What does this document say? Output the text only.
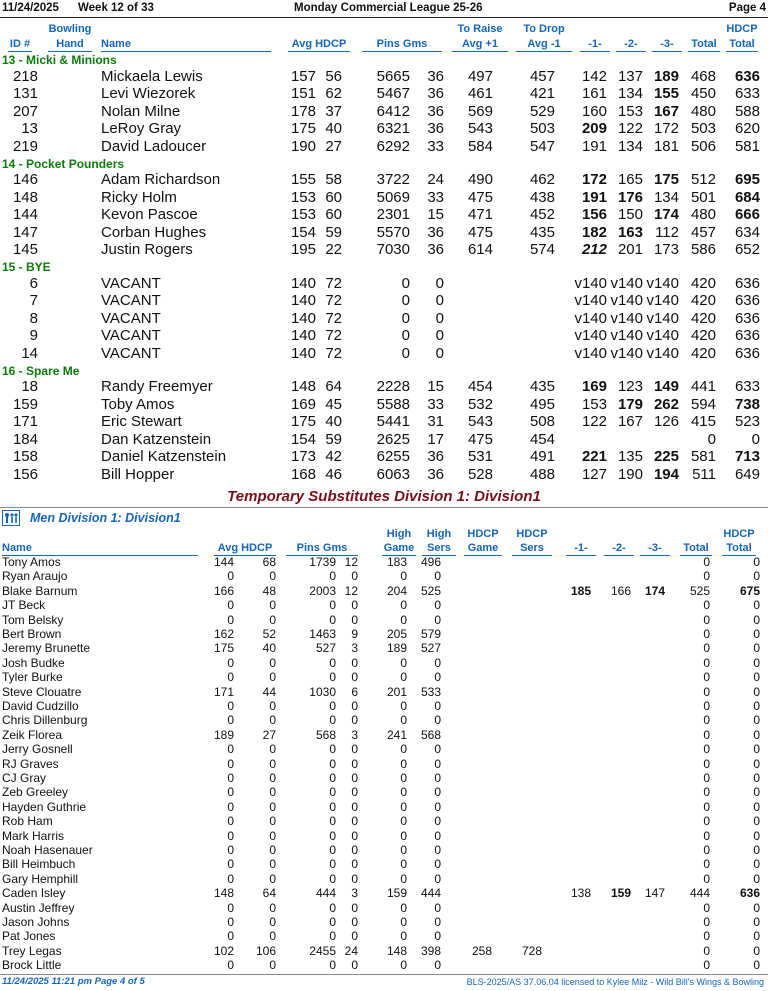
11/24/2025 Week 12 of 33	Monday Commercial League 25-26	Page 4
ID #
Bowling
Hand	Name	Avg HDCP	Pins Gms
To Raise
Avg +1
To Drop
Avg -1	-1-	-2-	-3-	Total
HDCP
Total
13 - Micki & Minions
218	Mickaela Lewis	157 56 5665 36 497 457 142 137 189 468 636
131	Levi Wiezorek	151 62 5467 36 461 421 161 134 155 450 633
207	Nolan Milne	178 37 6412 36 569 529 160 153 167 480 588
13	LeRoy Gray	175 40 6321 36 543 503 209 122 172 503 620
219	David Ladoucer	190 27 6292 33 584 547 191 134 181 506 581
14 - Pocket Pounders
146	Adam Richardson	155 58 3722 24 490 462 172 165 175 512 695
148	Ricky Holm	153 60 5069 33 475 438 191 176 134 501 684
144	Kevon Pascoe	153 60 2301 15 471 452 156 150 174 480 666
147	Corban Hughes	154 59 5570 36 475 435 182 163 112 457 634
145	Justin Rogers	195 22 7030 36 614 574 212 201 173 586 652
15 - BYE
6	VACANT	140 72	0 0	v140 v140 v140 420 636
7	VACANT	140 72	0 0	v140 v140 v140 420 636
8	VACANT	140 72	0 0	v140 v140 v140 420 636
9	VACANT	140 72	0 0	v140 v140 v140 420 636
14	VACANT	140 72	0 0	v140 v140 v140 420 636
16 - Spare Me
18	Randy Freemyer	148 64 2228 15 454 435 169 123 149 441 633
159	Toby Amos	169 45 5588 33 532 495 153 179 262 594 738
171	Eric Stewart	175 40 5441 31 543 508 122 167 126 415 523
184	Dan Katzenstein	154 59 2625 17 475 454	0 0
158	Daniel Katzenstein	173 42 6255 36 531 491 221 135 225 581 713
156	Bill Hopper	168 46 6063 36 528 488 127 190 194 511 649
Temporary Substitutes Division 1: Division1
Men Division 1: Division1
Name	Avg HDCP	Pins Gms
High
Game
High
Sers
HDCP
Game
HDCP
Sers	-1-	-2-	-3-	Total
HDCP
Total
Tony Amos	144 68	1739 12 183 496	0	0
Ryan Araujo	0	0	0 0	0 0	0	0
Blake Barnum	166 48	2003 12 204 525	185 166 174 525 675
JT Beck	0	0	0 0	0 0	0	0
Tom Belsky	0	0	0 0	0 0	0	0
Bert Brown	162 52	1463 9 205 579	0	0
Jeremy Brunette	175 40	527 3 189 527	0	0
Josh Budke	0	0	0 0	0 0	0	0
Tyler Burke	0	0	0 0	0 0	0	0
Steve Clouatre	171 44	1030 6 201 533	0	0
David Cudzillo	0	0	0 0	0 0	0	0
Chris Dillenburg	0	0	0 0	0 0	0	0
Zeik Florea	189 27	568 3 241 568	0	0
Jerry Gosnell	0	0	0 0	0 0	0	0
RJ Graves	0	0	0 0	0 0	0	0
CJ Gray	0	0	0 0	0 0	0	0
Zeb Greeley	0	0	0 0	0 0	0	0
Hayden Guthrie	0	0	0 0	0 0	0	0
Rob Ham	0	0	0 0	0 0	0	0
Mark Harris	0	0	0 0	0 0	0	0
Noah Hasenauer	0	0	0 0	0 0	0	0
Bill Heimbuch	0	0	0 0	0 0	0	0
Gary Hemphill	0	0	0 0	0 0	0	0
Caden Isley	148 64	444 3 159 444	138 159 147 444 636
Austin Jeffrey	0	0	0 0	0 0	0	0
Jason Johns	0	0	0 0	0 0	0	0
Pat Jones	0	0	0 0	0 0	0	0
Trey Legas	102 106	2455 24 148 398	258 728	0	0
Brock Little	0	0	0 0	0 0	0	0
11/24/2025 11:21 pm Page 4 of 5	BLS-2025/AS 37.06.04 licensed to Kylee Milz - Wild Bill's Wings & Bowling
